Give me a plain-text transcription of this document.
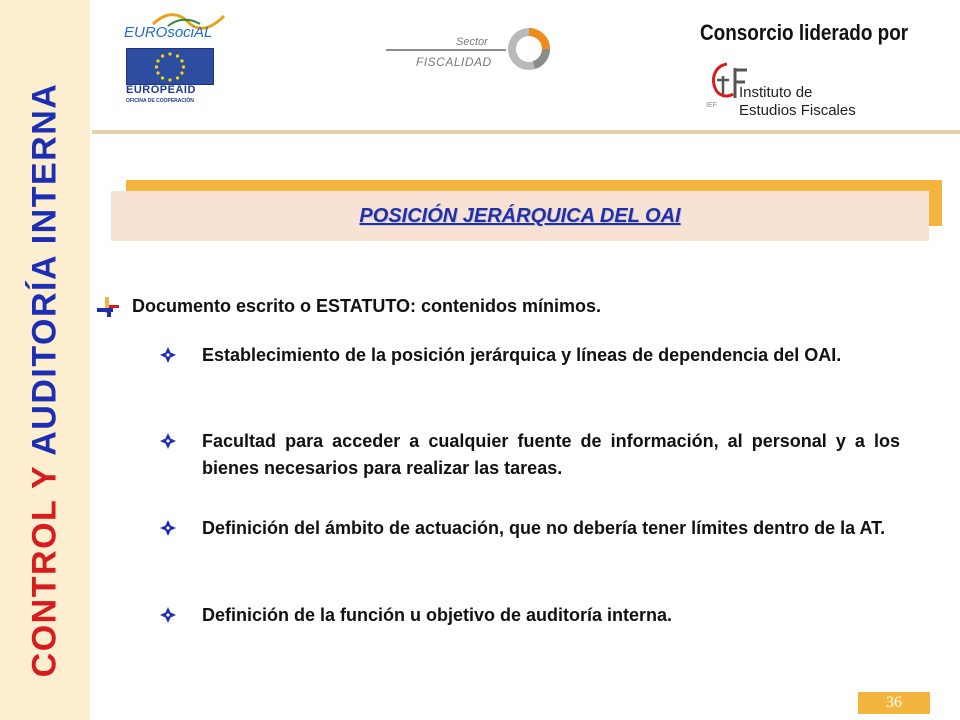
CONTROL Y AUDITORÍA INTERNA
EUROsociAL
EUROPEAID
OFICINA DE COOPERACIÓN
Sector
FISCALIDAD
Consorcio liderado por
IEF
Instituto de
Estudios Fiscales
POSICIÓN JERÁRQUICA DEL OAI
Documento escrito o ESTATUTO: contenidos mínimos.
Establecimiento de la posición jerárquica y líneas de dependencia del OAI.
Facultad para acceder a cualquier fuente de información, al personal y a los bienes necesarios para realizar las tareas.
Definición del ámbito de actuación, que no debería tener límites dentro de la AT.
Definición de la función u objetivo de auditoría interna.
36
